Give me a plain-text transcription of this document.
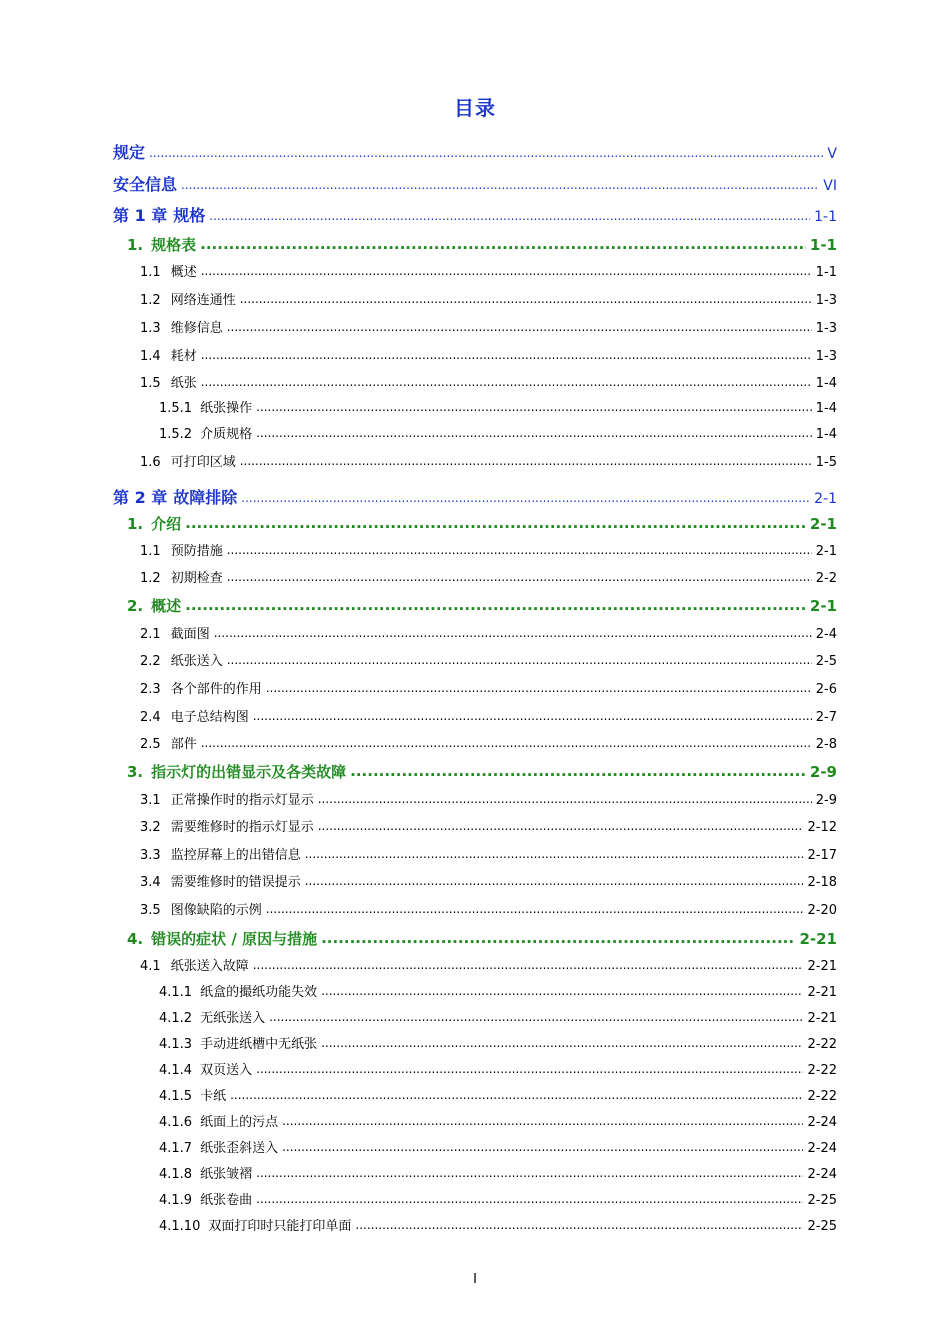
目录
规定 .....	V
安全信息 .....	VI
第 1 章 规格 .....	1-1
1. 规格表 .....	1-1
1.1 概述 .....	1-1
1.2 网络连通性 .....	1-3
1.3 维修信息 .....	1-3
1.4 耗材 .....	1-3
1.5 纸张 .....	1-4
1.5.1 纸张操作 .....	1-4
1.5.2 介质规格 .....	1-4
1.6 可打印区域 .....	1-5
第 2 章 故障排除 .....	2-1
1. 介绍 .....	2-1
1.1 预防措施 .....	2-1
1.2 初期检查 .....	2-2
2. 概述 .....	2-1
2.1 截面图 .....	2-4
2.2 纸张送入 .....	2-5
2.3 各个部件的作用 .....	2-6
2.4 电子总结构图 .....	2-7
2.5 部件 .....	2-8
3. 指示灯的出错显示及各类故障 .....	2-9
3.1 正常操作时的指示灯显示 .....	2-9
3.2 需要维修时的指示灯显示 .....	2-12
3.3 监控屏幕上的出错信息 .....	2-17
3.4 需要维修时的错误提示 .....	2-18
3.5 图像缺陷的示例 .....	2-20
4. 错误的症状 / 原因与措施 .....	2-21
4.1 纸张送入故障 .....	2-21
4.1.1 纸盒的撮纸功能失效 .....	2-21
4.1.2 无纸张送入 .....	2-21
4.1.3 手动进纸槽中无纸张 .....	2-22
4.1.4 双页送入 .....	2-22
4.1.5 卡纸 .....	2-22
4.1.6 纸面上的污点 .....	2-24
4.1.7 纸张歪斜送入 .....	2-24
4.1.8 纸张皱褶 .....	2-24
4.1.9 纸张卷曲 .....	2-25
4.1.10 双面打印时只能打印单面 .....	2-25
I
